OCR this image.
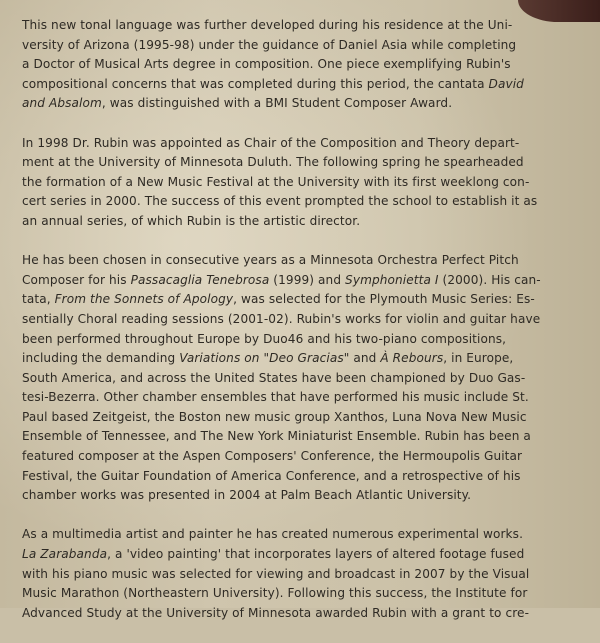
This new tonal language was further developed during his residence at the Uni-
versity of Arizona (1995-98) under the guidance of Daniel Asia while completing
a Doctor of Musical Arts degree in composition. One piece exemplifying Rubin's
compositional concerns that was completed during this period, the cantata David
and Absalom, was distinguished with a BMI Student Composer Award.
In 1998 Dr. Rubin was appointed as Chair of the Composition and Theory depart-
ment at the University of Minnesota Duluth. The following spring he spearheaded
the formation of a New Music Festival at the University with its first weeklong con-
cert series in 2000. The success of this event prompted the school to establish it as
an annual series, of which Rubin is the artistic director.
He has been chosen in consecutive years as a Minnesota Orchestra Perfect Pitch
Composer for his Passacaglia Tenebrosa (1999) and Symphonietta I (2000). His can-
tata, From the Sonnets of Apology, was selected for the Plymouth Music Series: Es-
sentially Choral reading sessions (2001-02). Rubin's works for violin and guitar have
been performed throughout Europe by Duo46 and his two-piano compositions,
including the demanding Variations on "Deo Gracias" and À Rebours, in Europe,
South America, and across the United States have been championed by Duo Gas-
tesi-Bezerra. Other chamber ensembles that have performed his music include St.
Paul based Zeitgeist, the Boston new music group Xanthos, Luna Nova New Music
Ensemble of Tennessee, and The New York Miniaturist Ensemble. Rubin has been a
featured composer at the Aspen Composers' Conference, the Hermoupolis Guitar
Festival, the Guitar Foundation of America Conference, and a retrospective of his
chamber works was presented in 2004 at Palm Beach Atlantic University.
As a multimedia artist and painter he has created numerous experimental works.
La Zarabanda, a 'video painting' that incorporates layers of altered footage fused
with his piano music was selected for viewing and broadcast in 2007 by the Visual
Music Marathon (Northeastern University). Following this success, the Institute for
Advanced Study at the University of Minnesota awarded Rubin with a grant to cre-
